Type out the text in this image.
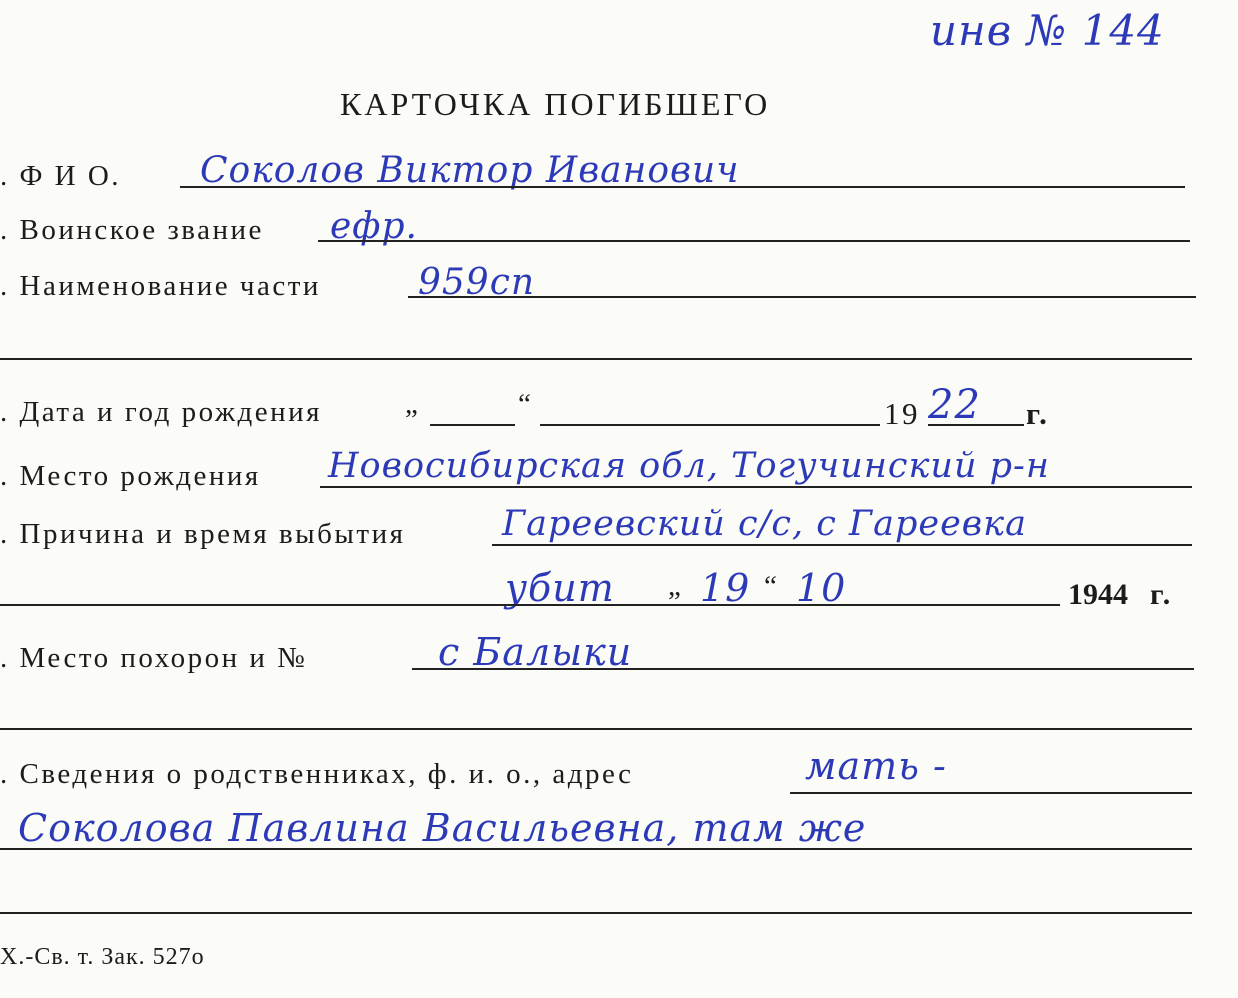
инв № 144
КАРТОЧКА ПОГИБШЕГО
. Ф И О. Соколов Виктор Иванович
. Воинское звание ефр.
. Наименование части	959сп
. Дата и год рождения	„	“	19 22 г.
. Место рождения Новосибирская обл, Тогучинский р-н
. Причина и время выбытия	Гареевский с/с, с Гареевка
убит „ 19 “ 10	1944 г.
. Место похорон и №	с Балыки
. Сведения о родственниках, ф. и. о., адрес	мать -
Соколова Павлина Васильевна, там же
Х.-Св. т. Зак. 527о
